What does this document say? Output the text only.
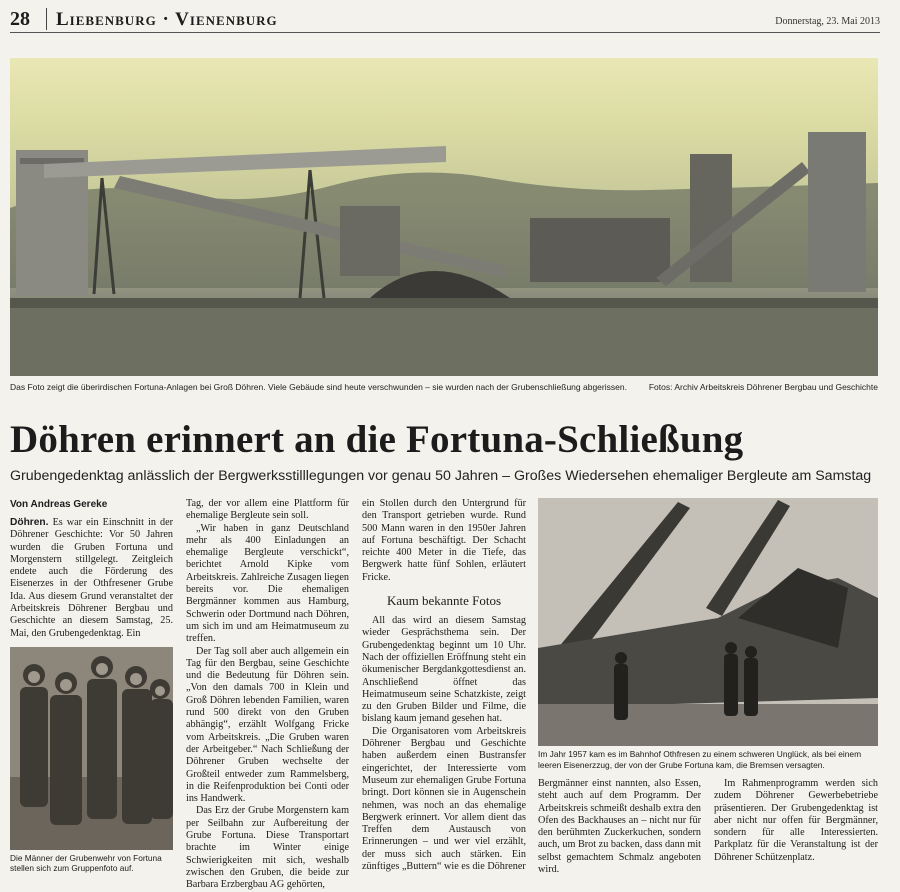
28 Liebenburg · Vienenburg	Donnerstag, 23. Mai 2013
Das Foto zeigt die überirdischen Fortuna-Anlagen bei Groß Döhren. Viele Gebäude sind heute verschwunden – sie wurden nach der Grubenschließung abgerissen.	Fotos: Archiv Arbeitskreis Döhrener Bergbau und Geschichte
Döhren erinnert an die Fortuna-Schließung
Grubengedenktag anlässlich der Bergwerksstilllegungen vor genau 50 Jahren – Großes Wiedersehen ehemaliger Bergleute am Samstag
Von Andreas Gereke

Döhren. Es war ein Einschnitt in der Döhrener Geschichte: Vor 50 Jahren wurden die Gruben Fortuna und Morgenstern stillgelegt. Zeitgleich endete auch die Förderung des Eisenerzes in der Othfresener Grube Ida. Aus diesem Grund veranstaltet der Arbeitskreis Döhrener Bergbau und Geschichte an diesem Samstag, 25. Mai, den Grubengedenktag. Ein

Die Männer der Grubenwehr von Fortuna stellen sich zum Gruppenfoto auf.

Tag, der vor allem eine Plattform für ehemalige Bergleute sein soll.

„Wir haben in ganz Deutschland mehr als 400 Einladungen an ehemalige Bergleute verschickt“, berichtet Arnold Kipke vom Arbeitskreis. Zahlreiche Zusagen liegen bereits vor. Die ehemaligen Bergmänner kommen aus Hamburg, Schwerin oder Dortmund nach Döhren, um sich im und am Heimatmuseum zu treffen.

Der Tag soll aber auch allgemein ein Tag für den Bergbau, seine Geschichte und die Bedeutung für Döhren sein. „Von den damals 700 in Klein und Groß Döhren lebenden Familien, waren rund 500 direkt von den Gruben abhängig“, erzählt Wolfgang Fricke vom Arbeitskreis. „Die Gruben waren der Arbeitgeber.“ Nach Schließung der Döhrener Gruben wechselte der Großteil entweder zum Rammelsberg, in die Reifenproduktion bei Conti oder ins Handwerk.

Das Erz der Grube Morgenstern kam per Seilbahn zur Aufbereitung der Grube Fortuna. Diese Transportart brachte im Winter einige Schwierigkeiten mit sich, weshalb zwischen den Gruben, die beide zur Barbara Erzbergbau AG gehörten,

ein Stollen durch den Untergrund für den Transport getrieben wurde. Rund 500 Mann waren in den 1950er Jahren auf Fortuna beschäftigt. Der Schacht reichte 400 Meter in die Tiefe, das Bergwerk hatte fünf Sohlen, erläutert Fricke.

Kaum bekannte Fotos

All das wird an diesem Samstag wieder Gesprächsthema sein. Der Grubengedenktag beginnt um 10 Uhr. Nach der offiziellen Eröffnung steht ein ökumenischer Bergdankgottesdienst an. Anschließend öffnet das Heimatmuseum seine Schatzkiste, zeigt zu den Gruben Bilder und Filme, die bislang kaum jemand gesehen hat.

Die Organisatoren vom Arbeitskreis Döhrener Bergbau und Geschichte haben außerdem einen Bustransfer eingerichtet, der Interessierte vom Museum zur ehemaligen Grube Fortuna bringt. Dort können sie in Augenschein nehmen, was noch an das ehemalige Bergwerk erinnert. Vor allem dient das Treffen dem Austausch von Erinnerungen – und wer viel erzählt, der muss sich auch stärken. Ein zünftiges „Buttern“ wie es die Döhrener

Im Jahr 1957 kam es im Bahnhof Othfresen zu einem schweren Unglück, als bei einem leeren Eisenerzzug, der von der Grube Fortuna kam, die Bremsen versagten.

Bergmänner einst nannten, also Essen, steht auch auf dem Programm. Der Arbeitskreis schmeißt deshalb extra den Ofen des Backhauses an – nicht nur für den berühmten Zuckerkuchen, sondern auch, um Brot zu backen, dass dann mit selbst gemachtem Schmalz angeboten wird.

Im Rahmenprogramm werden sich zudem Döhrener Gewerbebetriebe präsentieren. Der Grubengedenktag ist aber nicht nur offen für Bergmänner, sondern für alle Interessierten. Parkplatz für die Veranstaltung ist der Döhrener Schützenplatz.
